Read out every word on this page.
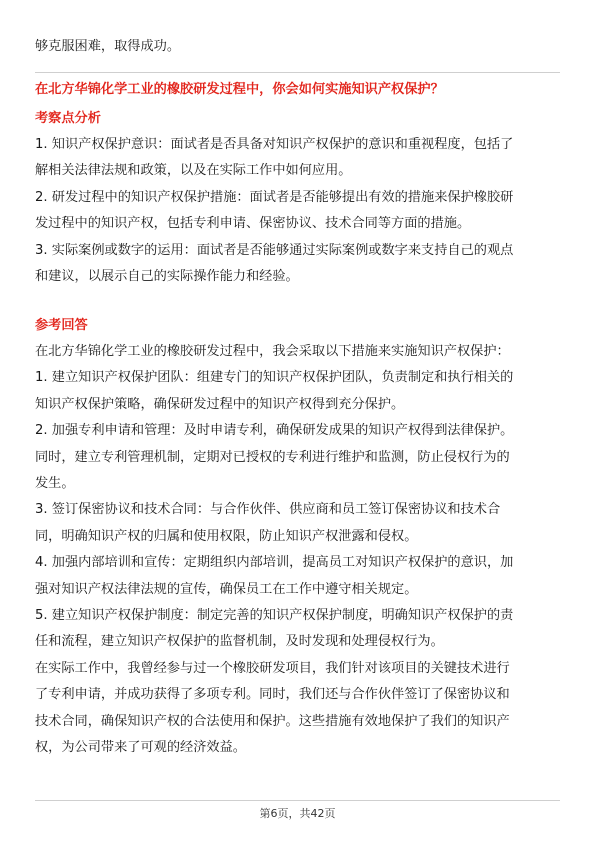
够克服困难，取得成功。

在北方华锦化学工业的橡胶研发过程中，你会如何实施知识产权保护？

考察点分析

1. 知识产权保护意识：面试者是否具备对知识产权保护的意识和重视程度，包括了

解相关法律法规和政策，以及在实际工作中如何应用。

2. 研发过程中的知识产权保护措施：面试者是否能够提出有效的措施来保护橡胶研

发过程中的知识产权，包括专利申请、保密协议、技术合同等方面的措施。

3. 实际案例或数字的运用：面试者是否能够通过实际案例或数字来支持自己的观点

和建议，以展示自己的实际操作能力和经验。

参考回答

在北方华锦化学工业的橡胶研发过程中，我会采取以下措施来实施知识产权保护：

1. 建立知识产权保护团队：组建专门的知识产权保护团队，负责制定和执行相关的

知识产权保护策略，确保研发过程中的知识产权得到充分保护。

2. 加强专利申请和管理：及时申请专利，确保研发成果的知识产权得到法律保护。

同时，建立专利管理机制，定期对已授权的专利进行维护和监测，防止侵权行为的

发生。

3. 签订保密协议和技术合同：与合作伙伴、供应商和员工签订保密协议和技术合

同，明确知识产权的归属和使用权限，防止知识产权泄露和侵权。

4. 加强内部培训和宣传：定期组织内部培训，提高员工对知识产权保护的意识，加

强对知识产权法律法规的宣传，确保员工在工作中遵守相关规定。

5. 建立知识产权保护制度：制定完善的知识产权保护制度，明确知识产权保护的责

任和流程，建立知识产权保护的监督机制，及时发现和处理侵权行为。

在实际工作中，我曾经参与过一个橡胶研发项目，我们针对该项目的关键技术进行

了专利申请，并成功获得了多项专利。同时，我们还与合作伙伴签订了保密协议和

技术合同，确保知识产权的合法使用和保护。这些措施有效地保护了我们的知识产

权，为公司带来了可观的经济效益。

第6页，共42页
